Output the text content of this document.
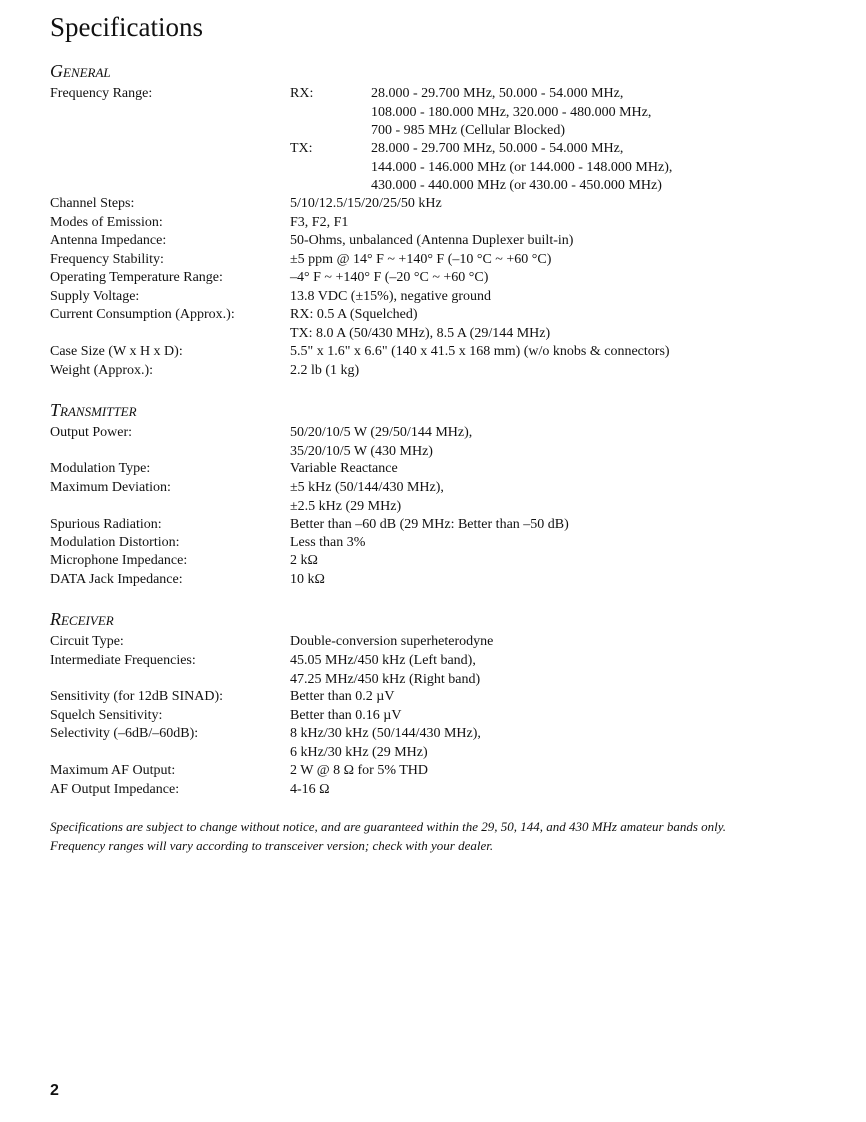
Specifications
General
Frequency Range:	RX:	28.000 - 29.700 MHz, 50.000 - 54.000 MHz,
108.000 - 180.000 MHz, 320.000 - 480.000 MHz,
700 - 985 MHz (Cellular Blocked)
TX:	28.000 - 29.700 MHz, 50.000 - 54.000 MHz,
144.000 - 146.000 MHz (or 144.000 - 148.000 MHz),
430.000 - 440.000 MHz (or 430.00 - 450.000 MHz)
Channel Steps:	5/10/12.5/15/20/25/50 kHz
Modes of Emission:	F3, F2, F1
Antenna Impedance:	50-Ohms, unbalanced (Antenna Duplexer built-in)
Frequency Stability:	±5 ppm @ 14° F ~ +140° F (–10 °C ~ +60 °C)
Operating Temperature Range:	–4° F ~ +140° F (–20 °C ~ +60 °C)
Supply Voltage:	13.8 VDC (±15%), negative ground
Current Consumption (Approx.):	RX: 0.5 A (Squelched)
TX: 8.0 A (50/430 MHz), 8.5 A (29/144 MHz)
Case Size (W x H x D):	5.5" x 1.6" x 6.6" (140 x 41.5 x 168 mm) (w/o knobs & connectors)
Weight (Approx.):	2.2 lb (1 kg)
Transmitter
Output Power:	50/20/10/5 W (29/50/144 MHz),
35/20/10/5 W (430 MHz)
Modulation Type:	Variable Reactance
Maximum Deviation:	±5 kHz (50/144/430 MHz),
±2.5 kHz (29 MHz)
Spurious Radiation:	Better than –60 dB (29 MHz: Better than –50 dB)
Modulation Distortion:	Less than 3%
Microphone Impedance:	2 kΩ
DATA Jack Impedance:	10 kΩ
Receiver
Circuit Type:	Double-conversion superheterodyne
Intermediate Frequencies:	45.05 MHz/450 kHz (Left band),
47.25 MHz/450 kHz (Right band)
Sensitivity (for 12dB SINAD):	Better than 0.2 µV
Squelch Sensitivity:	Better than 0.16 µV
Selectivity (–6dB/–60dB):	8 kHz/30 kHz (50/144/430 MHz),
6 kHz/30 kHz (29 MHz)
Maximum AF Output:	2 W @ 8 Ω for 5% THD
AF Output Impedance:	4-16 Ω
Specifications are subject to change without notice, and are guaranteed within the 29, 50, 144, and 430 MHz amateur bands only.
Frequency ranges will vary according to transceiver version; check with your dealer.
2
